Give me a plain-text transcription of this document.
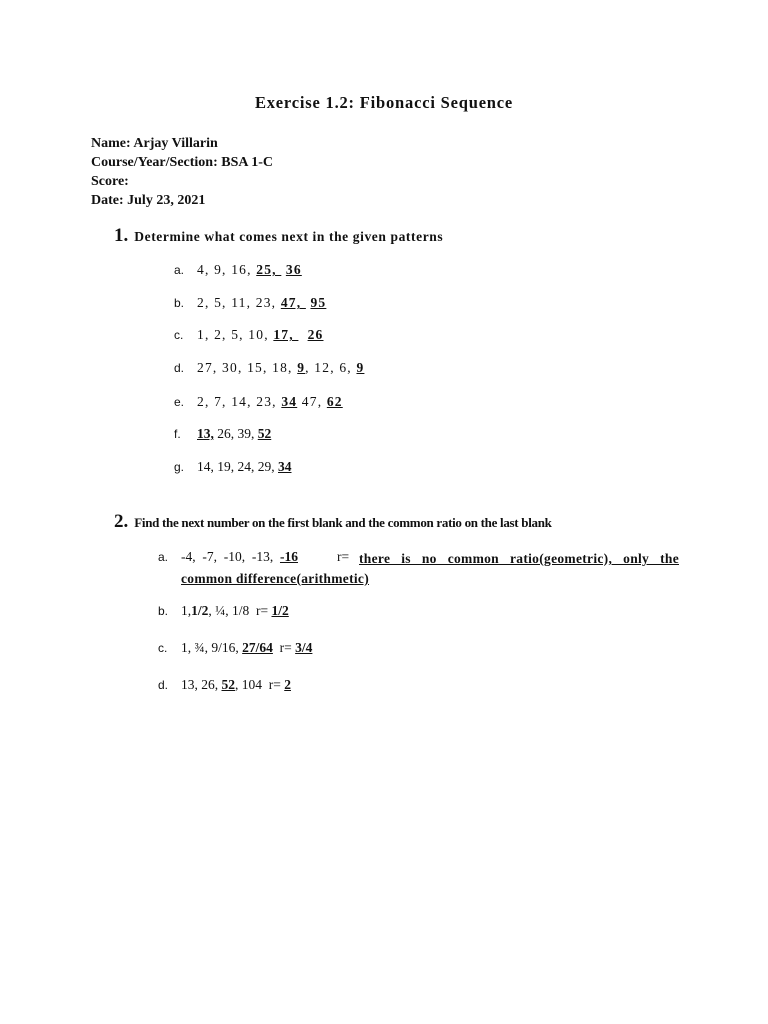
Exercise 1.2: Fibonacci Sequence
Name: Arjay Villarin
Course/Year/Section: BSA 1-C
Score:
Date: July 23, 2021
1. Determine what comes next in the given patterns
a. 4, 9, 16, 25,  36
b. 2, 5, 11, 23, 47,  95
c. 1, 2, 5, 10, 17,   26
d. 27, 30, 15, 18, 9, 12, 6, 9
e. 2, 7, 14, 23, 34 47, 62
f. 13, 26, 39, 52
g. 14, 19, 24, 29, 34
2. Find the next number on the first blank and the common ratio on the last blank
a. -4,  -7,  -10,  -13,  -16	r= there is no common ratio(geometric), only the common difference(arithmetic)
b. 1,1/2, ¼, 1/8  r= 1/2
c. 1, ¾, 9/16, 27/64 r= 3/4
d. 13, 26, 52, 104  r= 2
